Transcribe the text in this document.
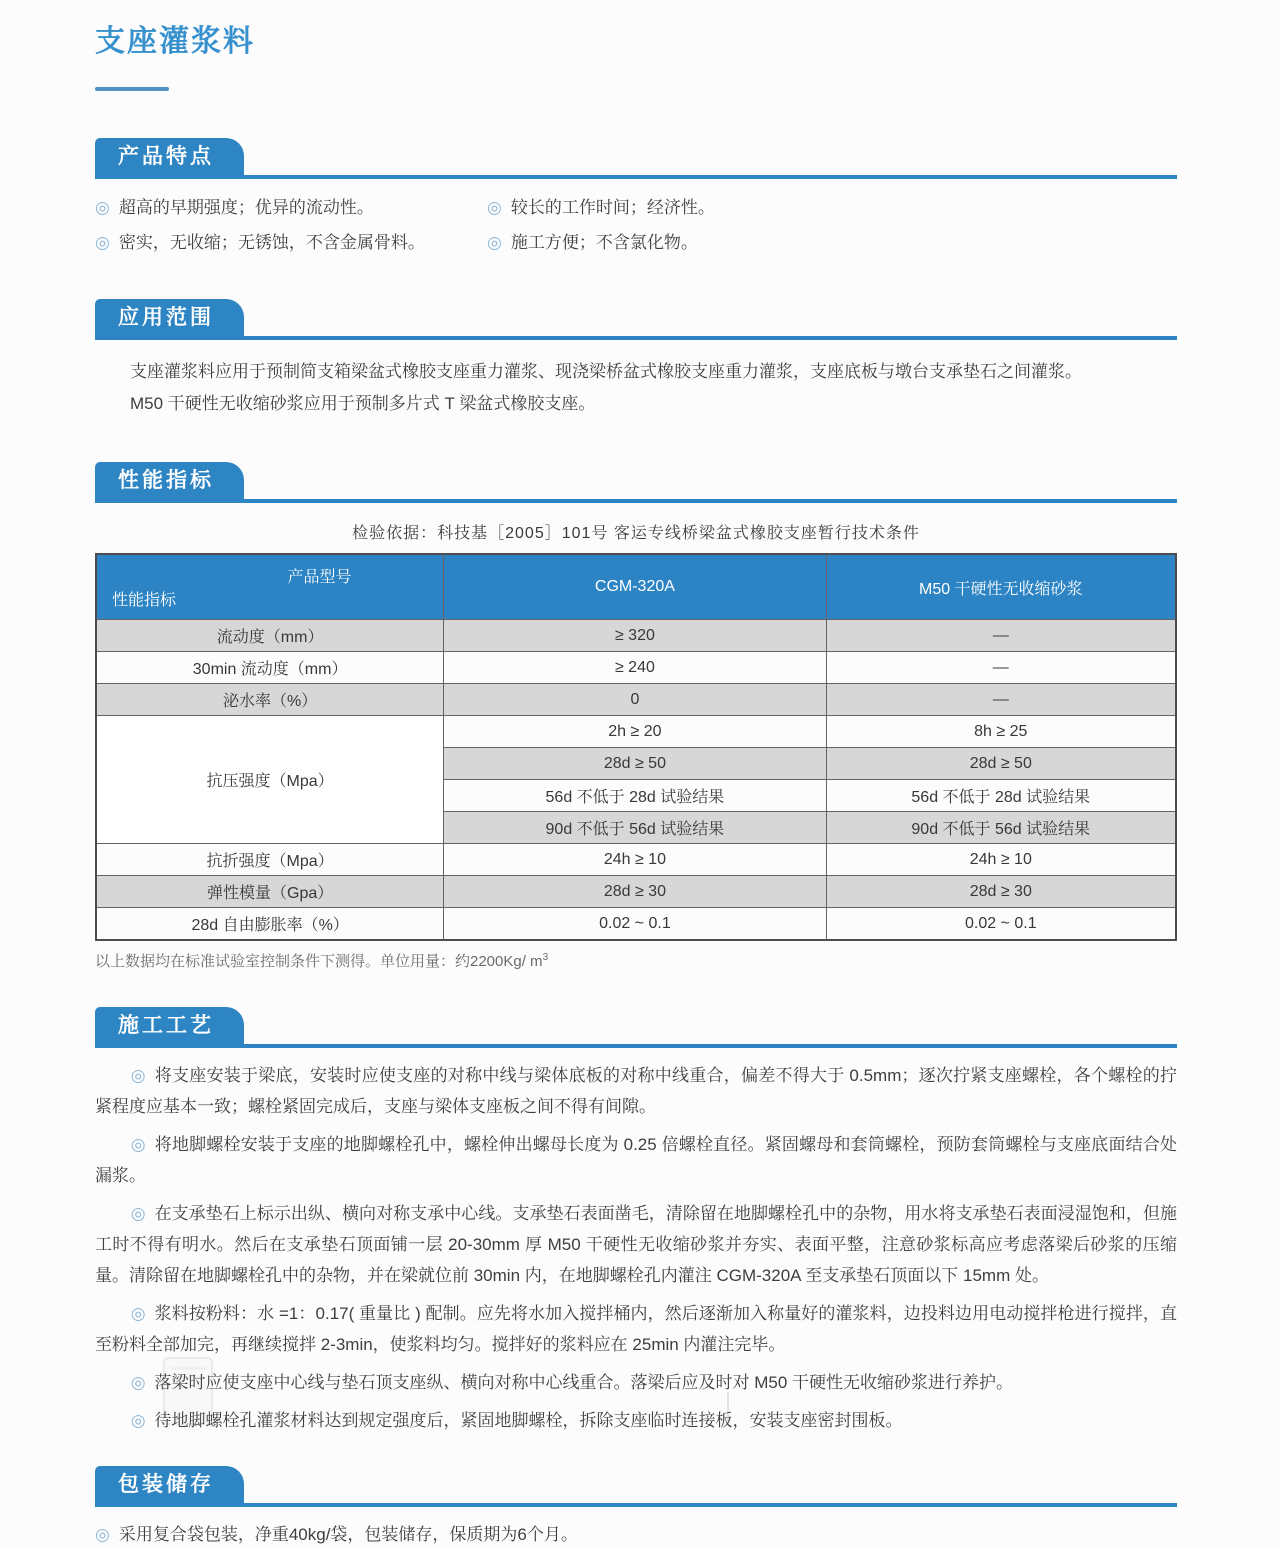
支座灌浆料
产品特点
◎ 超高的早期强度；优异的流动性。	◎ 较长的工作时间；经济性。
◎ 密实，无收缩；无锈蚀，不含金属骨料。	◎ 施工方便；不含氯化物。
应用范围
支座灌浆料应用于预制简支箱梁盆式橡胶支座重力灌浆、现浇梁桥盆式橡胶支座重力灌浆，支座底板与墩台支承垫石之间灌浆。
M50 干硬性无收缩砂浆应用于预制多片式 T 梁盆式橡胶支座。
性能指标
检验依据：科技基［2005］101号 客运专线桥梁盆式橡胶支座暂行技术条件
产品型号
性能指标	CGM-320A	M50 干硬性无收缩砂浆
流动度（mm）	≥ 320	—
30min 流动度（mm）	≥ 240	—
泌水率（%）	0	—
抗压强度（Mpa）	2h ≥ 20	8h ≥ 25
	28d ≥ 50	28d ≥ 50
	56d 不低于 28d 试验结果	56d 不低于 28d 试验结果
	90d 不低于 56d 试验结果	90d 不低于 56d 试验结果
抗折强度（Mpa）	24h ≥ 10	24h ≥ 10
弹性模量（Gpa）	28d ≥ 30	28d ≥ 30
28d 自由膨胀率（%）	0.02 ~ 0.1	0.02 ~ 0.1
以上数据均在标准试验室控制条件下测得。单位用量：约2200Kg/ $m^3$
施工工艺

◎ 将支座安装于梁底，安装时应使支座的对称中线与梁体底板的对称中线重合，偏差不得大于 0.5mm；逐次拧紧支座螺栓，各个螺栓的拧紧程度应基本一致；螺栓紧固完成后，支座与梁体支座板之间不得有间隙。

◎ 将地脚螺栓安装于支座的地脚螺栓孔中，螺栓伸出螺母长度为 0.25 倍螺栓直径。紧固螺母和套筒螺栓，预防套筒螺栓与支座底面结合处漏浆。

◎ 在支承垫石上标示出纵、横向对称支承中心线。支承垫石表面凿毛，清除留在地脚螺栓孔中的杂物，用水将支承垫石表面浸湿饱和，但施工时不得有明水。然后在支承垫石顶面铺一层 20-30mm 厚 M50 干硬性无收缩砂浆并夯实、表面平整，注意砂浆标高应考虑落梁后砂浆的压缩量。清除留在地脚螺栓孔中的杂物，并在梁就位前 30min 内，在地脚螺栓孔内灌注 CGM-320A 至支承垫石顶面以下 15mm 处。

◎ 浆料按粉料：水 =1：0.17( 重量比 ) 配制。应先将水加入搅拌桶内，然后逐渐加入称量好的灌浆料，边投料边用电动搅拌枪进行搅拌，直至粉料全部加完，再继续搅拌 2-3min，使浆料均匀。搅拌好的浆料应在 25min 内灌注完毕。

◎ 落梁时应使支座中心线与垫石顶支座纵、横向对称中心线重合。落梁后应及时对 M50 干硬性无收缩砂浆进行养护。

◎ 待地脚螺栓孔灌浆材料达到规定强度后，紧固地脚螺栓，拆除支座临时连接板，安装支座密封围板。

包装储存
◎ 采用复合袋包装，净重40kg/袋，包装储存，保质期为6个月。
